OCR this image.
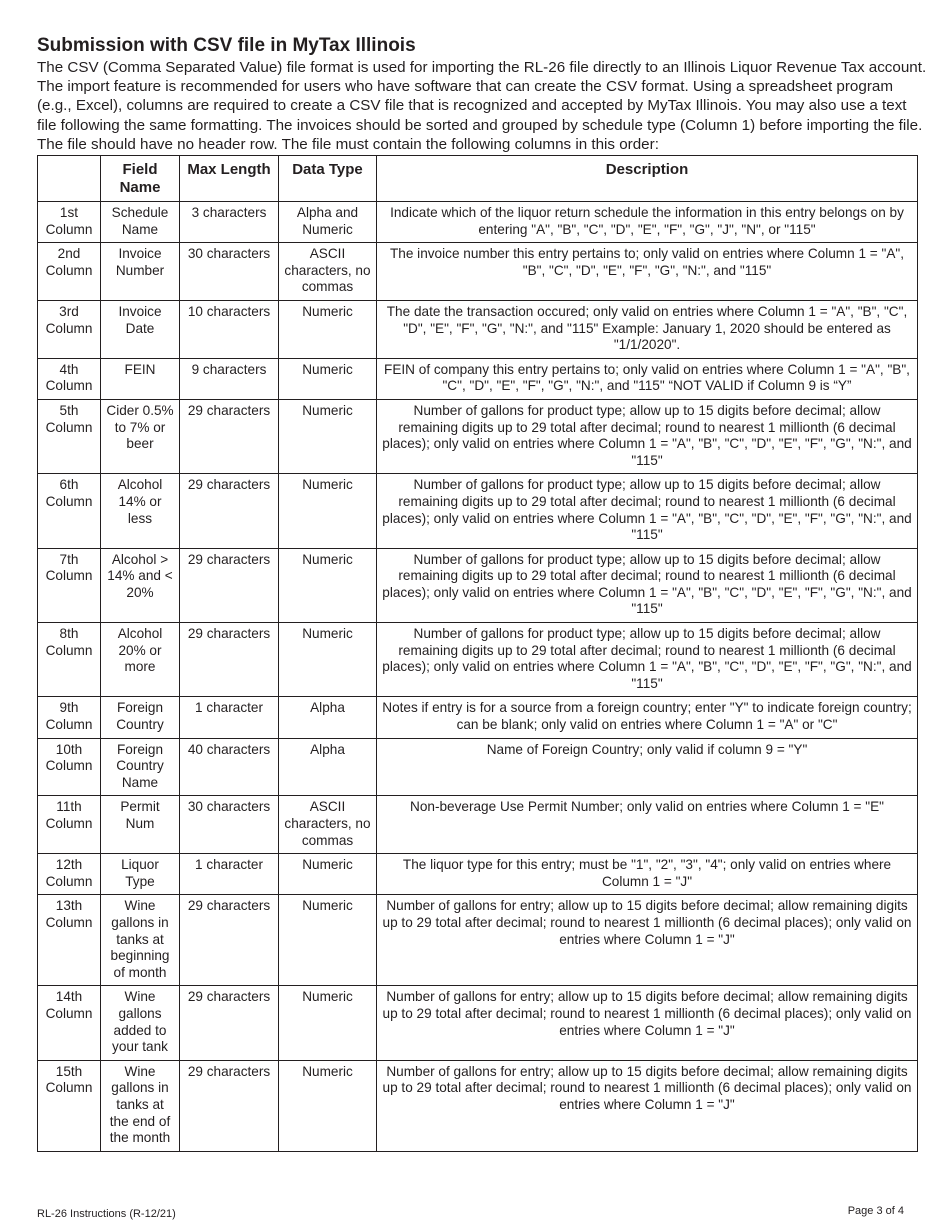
Submission with CSV file in MyTax Illinois

The CSV (Comma Separated Value) file format is used for importing the RL-26 file directly to an Illinois Liquor Revenue Tax account. The import feature is recommended for users who have software that can create the CSV format. Using a spreadsheet program (e.g., Excel), columns are required to create a CSV file that is recognized and accepted by MyTax Illinois. You may also use a text file following the same formatting. The invoices should be sorted and grouped by schedule type (Column 1) before importing the file. The file should have no header row. The file must contain the following columns in this order:

	Field Name	Max Length	Data Type	Description
1st Column	Schedule Name	3 characters	Alpha and Numeric	Indicate which of the liquor return schedule the information in this entry belongs on by entering "A", "B", "C", "D", "E", "F", "G", "J", "N", or "115"
2nd Column	Invoice Number	30 characters	ASCII characters, no commas	The invoice number this entry pertains to; only valid on entries where Column 1 = "A", "B", "C", "D", "E", "F", "G", "N:", and "115"
3rd Column	Invoice Date	10 characters	Numeric	The date the transaction occured; only valid on entries where Column 1 = "A", "B", "C", "D", "E", "F", "G", "N:", and "115" Example: January 1, 2020 should be entered as "1/1/2020".
4th Column	FEIN	9 characters	Numeric	FEIN of company this entry pertains to; only valid on entries where Column 1 = "A", "B", "C", "D", "E", "F", "G", "N:", and "115" “NOT VALID if Column 9 is “Y”
5th Column	Cider 0.5% to 7% or beer	29 characters	Numeric	Number of gallons for product type; allow up to 15 digits before decimal; allow remaining digits up to 29 total after decimal; round to nearest 1 millionth (6 decimal places); only valid on entries where Column 1 = "A", "B", "C", "D", "E", "F", "G", "N:", and "115"
6th Column	Alcohol 14% or less	29 characters	Numeric	Number of gallons for product type; allow up to 15 digits before decimal; allow remaining digits up to 29 total after decimal; round to nearest 1 millionth (6 decimal places); only valid on entries where Column 1 = "A", "B", "C", "D", "E", "F", "G", "N:", and "115"
7th Column	Alcohol > 14% and < 20%	29 characters	Numeric	Number of gallons for product type; allow up to 15 digits before decimal; allow remaining digits up to 29 total after decimal; round to nearest 1 millionth (6 decimal places); only valid on entries where Column 1 = "A", "B", "C", "D", "E", "F", "G", "N:", and "115"
8th Column	Alcohol 20% or more	29 characters	Numeric	Number of gallons for product type; allow up to 15 digits before decimal; allow remaining digits up to 29 total after decimal; round to nearest 1 millionth (6 decimal places); only valid on entries where Column 1 = "A", "B", "C", "D", "E", "F", "G", "N:", and "115"
9th Column	Foreign Country	1 character	Alpha	Notes if entry is for a source from a foreign country; enter "Y" to indicate foreign country; can be blank; only valid on entries where Column 1 = "A" or "C"
10th Column	Foreign Country Name	40 characters	Alpha	Name of Foreign Country; only valid if column 9 = "Y"
11th Column	Permit Num	30 characters	ASCII characters, no commas	Non-beverage Use Permit Number; only valid on entries where Column 1 = "E"
12th Column	Liquor Type	1 character	Numeric	The liquor type for this entry; must be "1", "2", "3", "4"; only valid on entries where Column 1 = "J"
13th Column	Wine gallons in tanks at beginning of month	29 characters	Numeric	Number of gallons for entry; allow up to 15 digits before decimal; allow remaining digits up to 29 total after decimal; round to nearest 1 millionth (6 decimal places); only valid on entries where Column 1 = "J"
14th Column	Wine gallons added to your tank	29 characters	Numeric	Number of gallons for entry; allow up to 15 digits before decimal; allow remaining digits up to 29 total after decimal; round to nearest 1 millionth (6 decimal places); only valid on entries where Column 1 = "J"
15th Column	Wine gallons in tanks at the end of the month	29 characters	Numeric	Number of gallons for entry; allow up to 15 digits before decimal; allow remaining digits up to 29 total after decimal; round to nearest 1 millionth (6 decimal places); only valid on entries where Column 1 = "J"
RL-26 Instructions (R-12/21)	Page 3 of 4
